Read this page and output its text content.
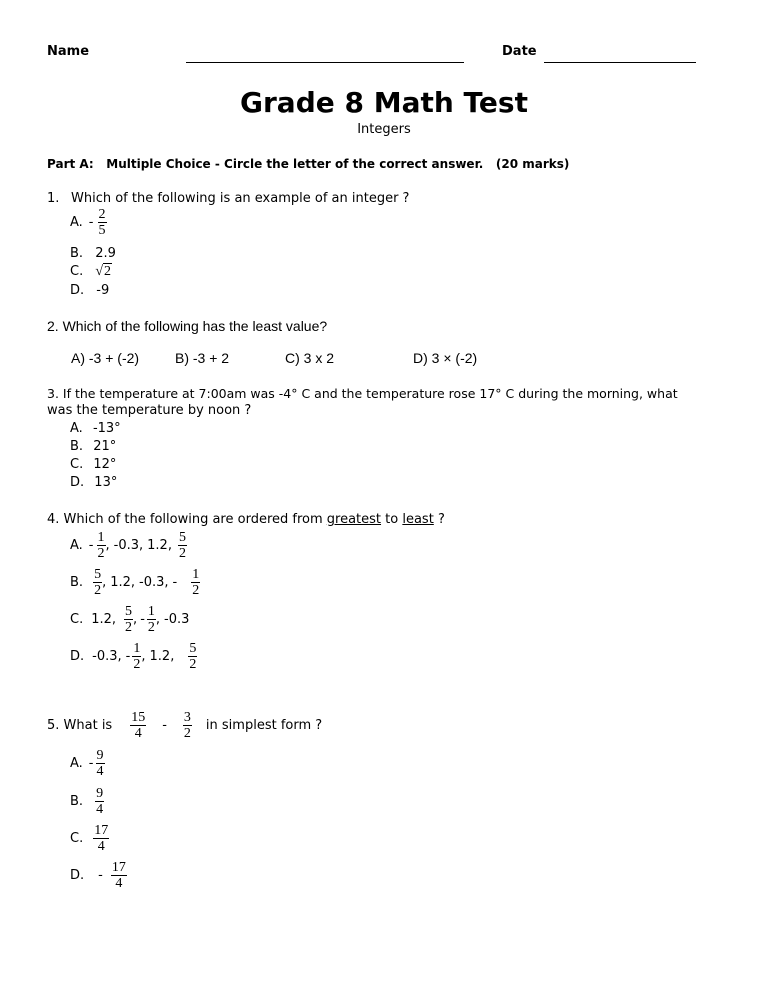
Name	Date
Grade 8 Math Test
Integers
Part A: Multiple Choice - Circle the letter of the correct answer. (20 marks)
1. Which of the following is an example of an integer ?
A. - $\frac{2}{5}$
B. 2.9
C. √2
D. -9
2. Which of the following has the least value?
A) -3 + (-2)	B) -3 + 2	C) 3 x 2	D) 3 × (-2)
3. If the temperature at 7:00am was -4° C and the temperature rose 17° C during the morning, what
was the temperature by noon ?
A. -13°
B. 21°
C. 12°
D. 13°
4. Which of the following are ordered from greatest to least ?
A. - $\frac{1}{2}$ , -0.3 , 1.2 , $\frac{5}{2}$
B. $\frac{5}{2}$ , 1.2 , -0.3 , - $\frac{1}{2}$
C. 1.2 , $\frac{5}{2}$ , - $\frac{1}{2}$ , -0.3
D. -0.3 , - $\frac{1}{2}$ , 1.2 , $\frac{5}{2}$
5. What is $\frac{15}{4} - \frac{3}{2}$ in simplest form ?
A. - $\frac{9}{4}$
B. $\frac{9}{4}$
C. $\frac{17}{4}$
D. - $\frac{17}{4}$
